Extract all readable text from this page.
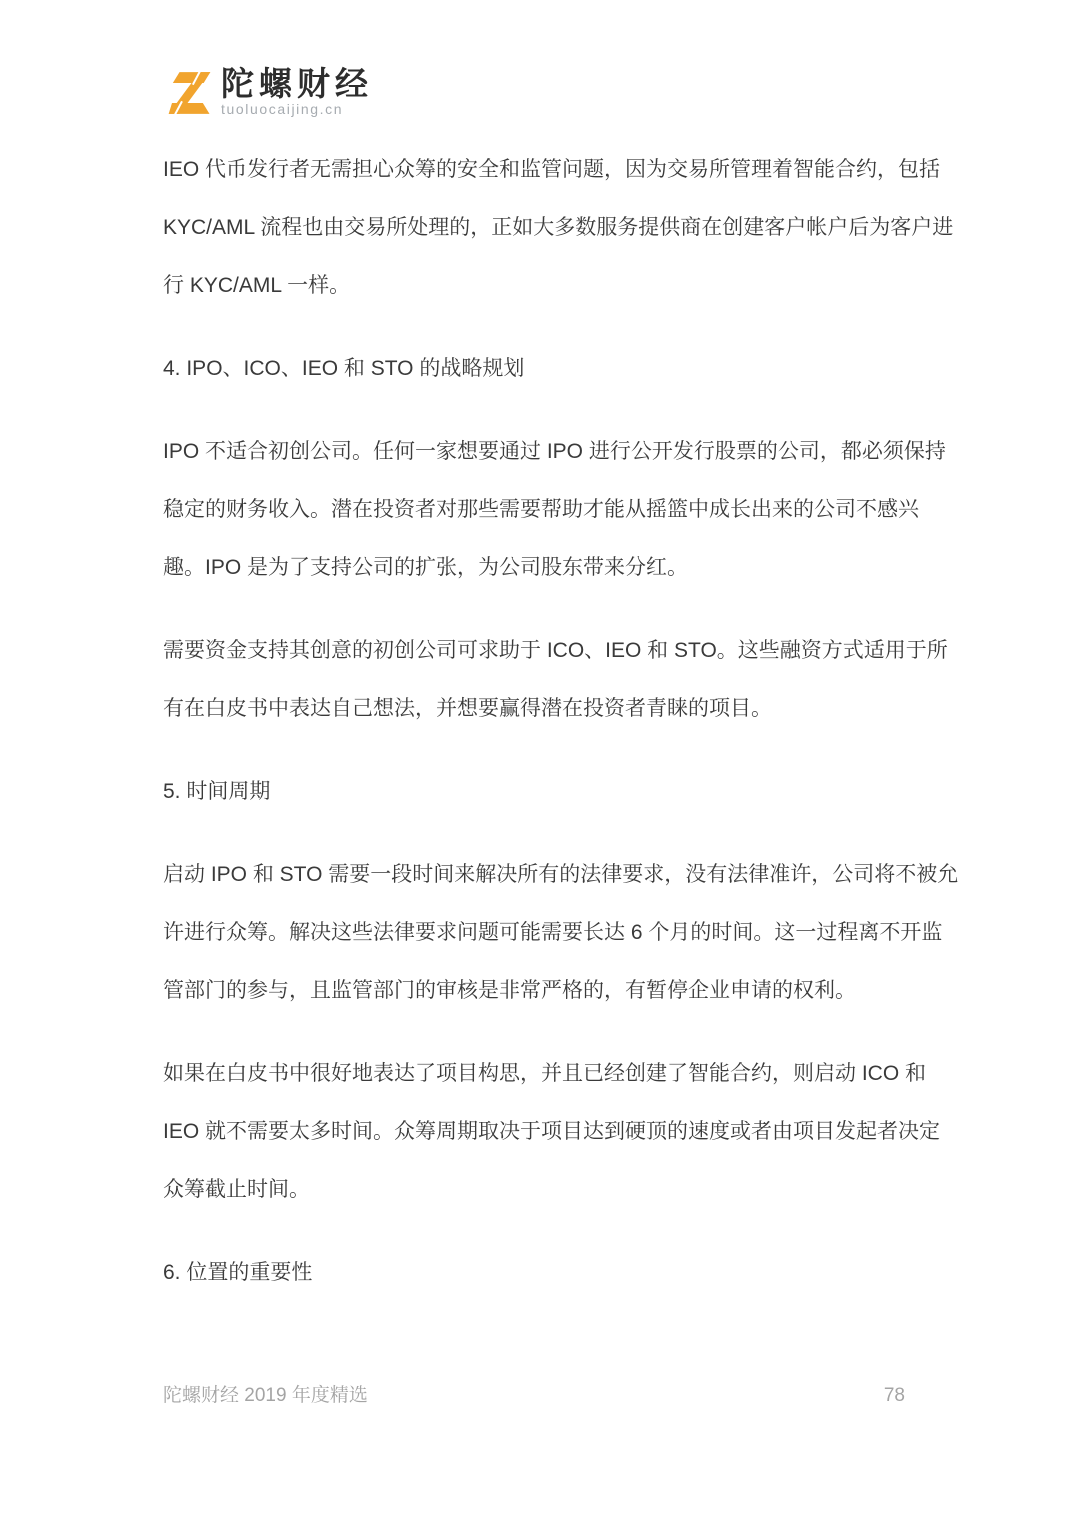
陀螺财经
tuoluocaijing.cn

IEO 代币发行者无需担心众筹的安全和监管问题，因为交易所管理着智能合约，包括

KYC/AML 流程也由交易所处理的，正如大多数服务提供商在创建客户帐户后为客户进

行 KYC/AML 一样。

4. IPO、ICO、IEO 和 STO 的战略规划

IPO 不适合初创公司。任何一家想要通过 IPO 进行公开发行股票的公司，都必须保持

稳定的财务收入。潜在投资者对那些需要帮助才能从摇篮中成长出来的公司不感兴

趣。IPO 是为了支持公司的扩张，为公司股东带来分红。

需要资金支持其创意的初创公司可求助于 ICO、IEO 和 STO。这些融资方式适用于所

有在白皮书中表达自己想法，并想要赢得潜在投资者青睐的项目。

5. 时间周期

启动 IPO 和 STO 需要一段时间来解决所有的法律要求，没有法律准许，公司将不被允

许进行众筹。解决这些法律要求问题可能需要长达 6 个月的时间。这一过程离不开监

管部门的参与，且监管部门的审核是非常严格的，有暂停企业申请的权利。

如果在白皮书中很好地表达了项目构思，并且已经创建了智能合约，则启动 ICO 和

IEO 就不需要太多时间。众筹周期取决于项目达到硬顶的速度或者由项目发起者决定

众筹截止时间。

6. 位置的重要性

陀螺财经 2019 年度精选	78
